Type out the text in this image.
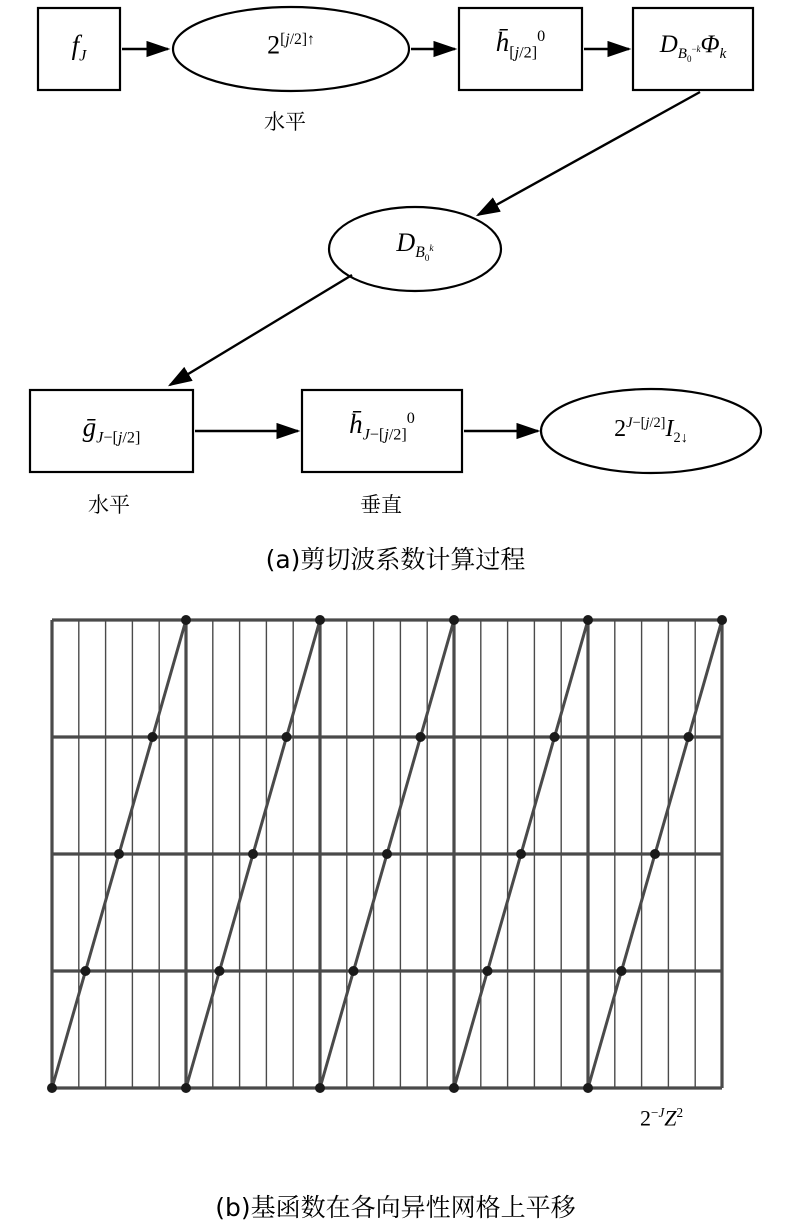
$f_J$	$2^{[j/2]↑}$	$h̄_{[j/2]}^0$	$D_{B_0^{-k}}\Phi_k$
$D_{B_0^k}$
ḡ$_{J-[j/2]}$	$h̄_{J-[j/2]}^0$	$2^{J-[j/2]}I_{2↓}$
水平
水平	垂直
(a)剪切波系数计算过程
$2^{-J}Z^2$
(b)基函数在各向异性网格上平移
